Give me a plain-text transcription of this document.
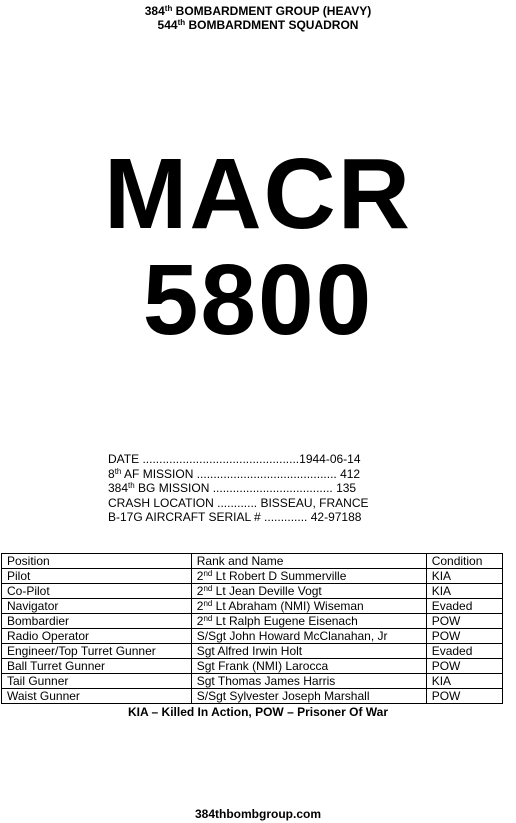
384th BOMBARDMENT GROUP (HEAVY)
544th BOMBARDMENT SQUADRON
MACR
5800
DATE ...............................................1944-06-14
8th AF MISSION .......................................... 412
384th BG MISSION .................................... 135
CRASH LOCATION ............ BISSEAU, FRANCE
B-17G AIRCRAFT SERIAL # ............. 42-97188
Position	Rank and Name	Condition
Pilot	2nd Lt Robert D Summerville	KIA
Co-Pilot	2nd Lt Jean Deville Vogt	KIA
Navigator	2nd Lt Abraham (NMI) Wiseman	Evaded
Bombardier	2nd Lt Ralph Eugene Eisenach	POW
Radio Operator	S/Sgt John Howard McClanahan, Jr	POW
Engineer/Top Turret Gunner	Sgt Alfred Irwin Holt	Evaded
Ball Turret Gunner	Sgt Frank (NMI) Larocca	POW
Tail Gunner	Sgt Thomas James Harris	KIA
Waist Gunner	S/Sgt Sylvester Joseph Marshall	POW
KIA – Killed In Action, POW – Prisoner Of War
384thbombgroup.com
